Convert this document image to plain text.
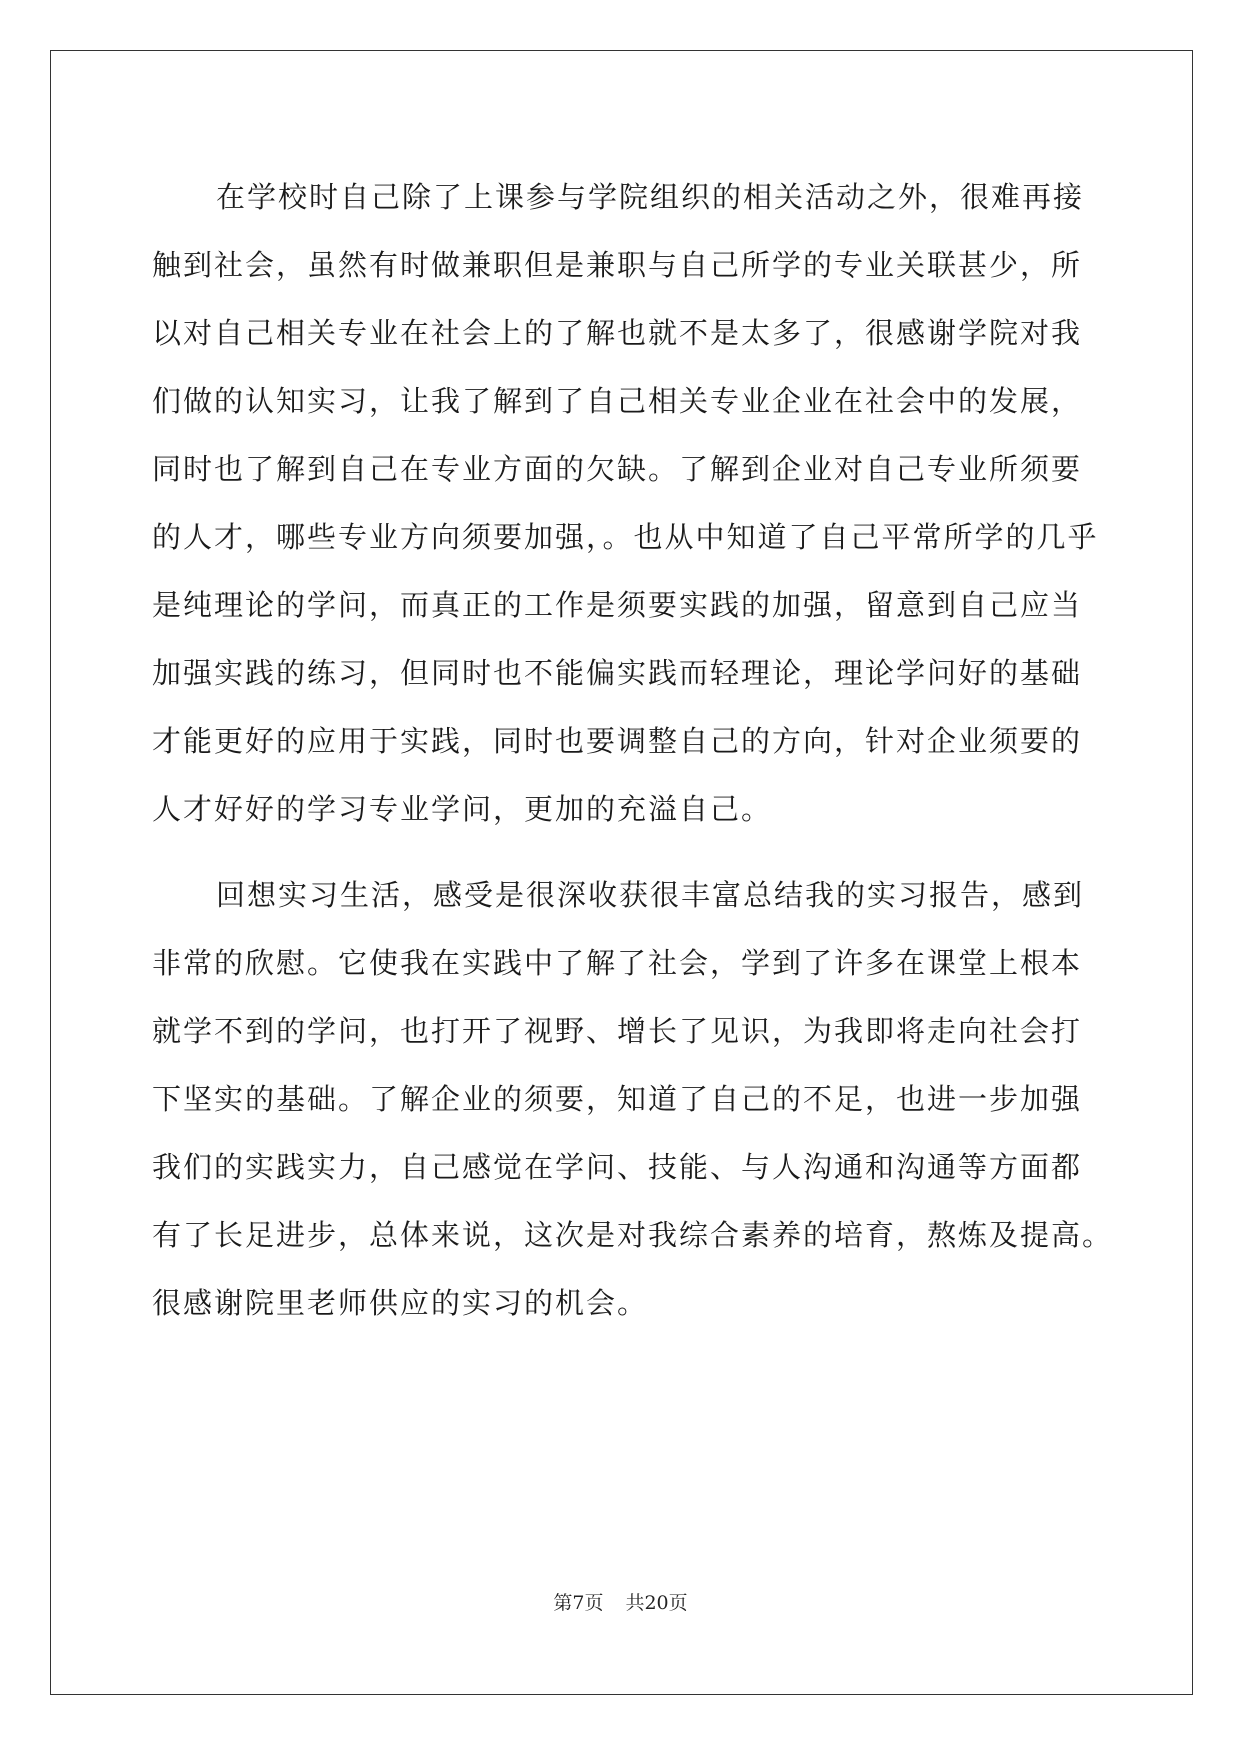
在学校时自己除了上课参与学院组织的相关活动之外，很难再接
触到社会，虽然有时做兼职但是兼职与自己所学的专业关联甚少，所
以对自己相关专业在社会上的了解也就不是太多了，很感谢学院对我
们做的认知实习，让我了解到了自己相关专业企业在社会中的发展，
同时也了解到自己在专业方面的欠缺。了解到企业对自己专业所须要
的人才，哪些专业方向须要加强，。也从中知道了自己平常所学的几乎
是纯理论的学问，而真正的工作是须要实践的加强，留意到自己应当
加强实践的练习，但同时也不能偏实践而轻理论，理论学问好的基础
才能更好的应用于实践，同时也要调整自己的方向，针对企业须要的
人才好好的学习专业学问，更加的充溢自己。
回想实习生活，感受是很深收获很丰富总结我的实习报告，感到
非常的欣慰。它使我在实践中了解了社会，学到了许多在课堂上根本
就学不到的学问，也打开了视野、增长了见识，为我即将走向社会打
下坚实的基础。了解企业的须要，知道了自己的不足，也进一步加强
我们的实践实力，自己感觉在学问、技能、与人沟通和沟通等方面都
有了长足进步，总体来说，这次是对我综合素养的培育，熬炼及提高。
很感谢院里老师供应的实习的机会。
第7页 共20页
